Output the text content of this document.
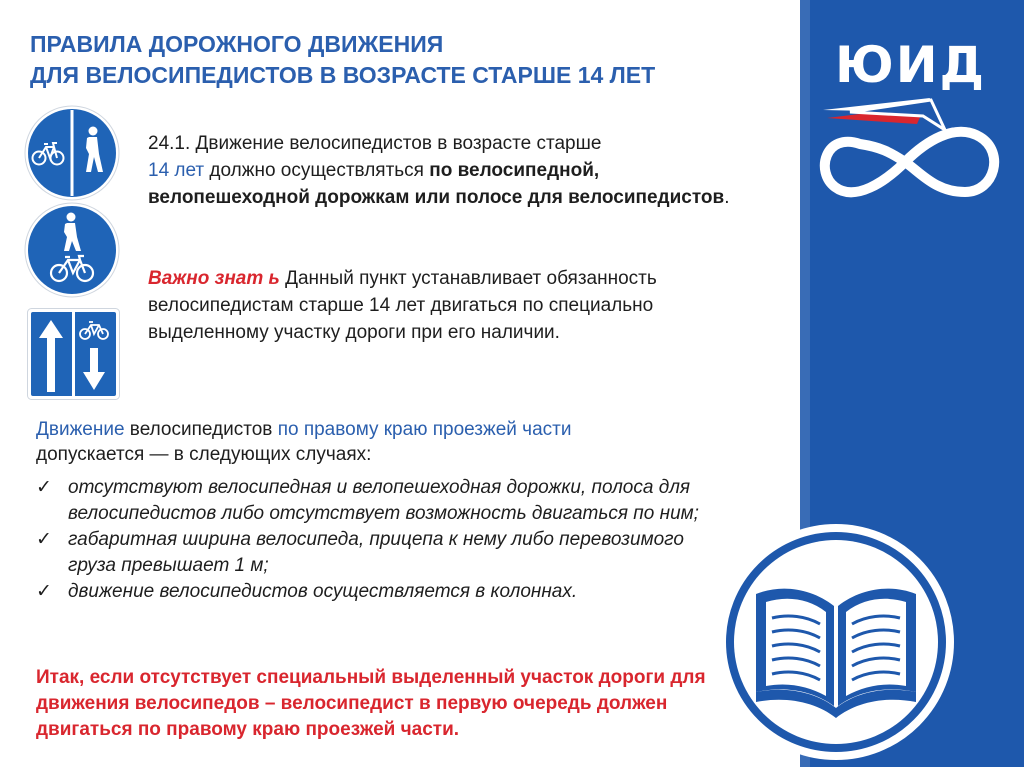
ПРАВИЛА ДОРОЖНОГО ДВИЖЕНИЯ
ДЛЯ ВЕЛОСИПЕДИСТОВ В ВОЗРАСТЕ СТАРШЕ 14 ЛЕТ
24.1. Движение велосипедистов в возрасте старше
14 лет должно осуществляться по велосипедной, велопешеходной дорожкам или полосе для велосипедистов.
Важно знат ь Данный пункт устанавливает обязанность велосипедистам старше 14 лет двигаться по специально выделенному участку дороги при его наличии.
Движение велосипедистов по правому краю проезжей части
допускается — в следующих случаях:
✓ отсутствуют велосипедная и велопешеходная дорожки, полоса для велосипедистов либо отсутствует возможность двигаться по ним;
✓ габаритная ширина велосипеда, прицепа к нему либо перевозимого груза превышает 1 м;
✓ движение велосипедистов осуществляется в колоннах.
Итак, если отсутствует специальный выделенный участок дороги для движения велосипедов – велосипедист в первую очередь должен двигаться по правому краю проезжей части.
ЮИД
